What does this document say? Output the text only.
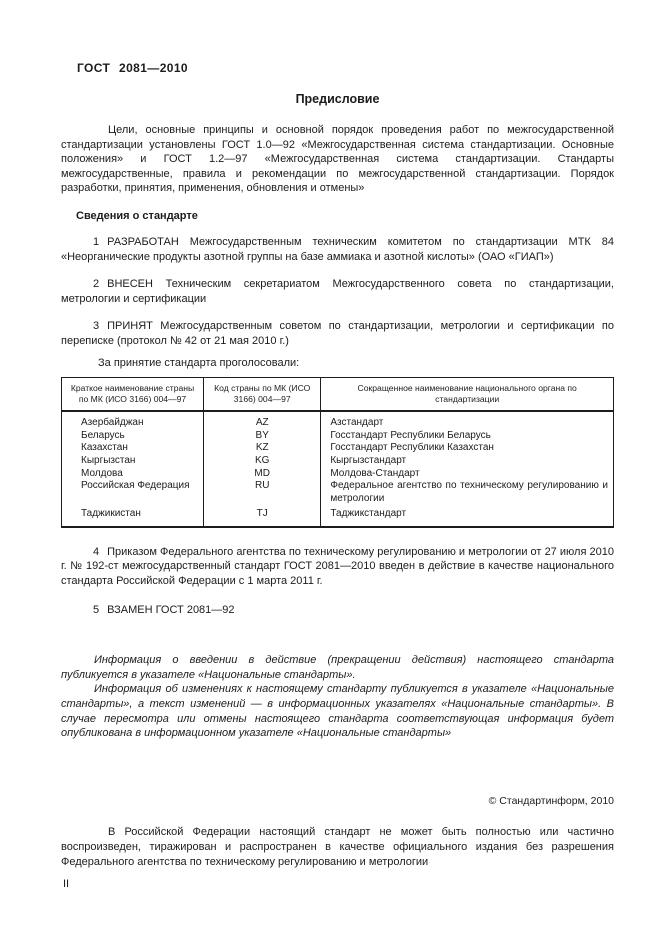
ГОСТ 2081—2010
Предисловие

Цели, основные принципы и основной порядок проведения работ по межгосударственной стандартизации установлены ГОСТ 1.0—92 «Межгосударственная система стандартизации. Основные положения» и ГОСТ 1.2—97 «Межгосударственная система стандартизации. Стандарты межгосударственные, правила и рекомендации по межгосударственной стандартизации. Порядок разработки, принятия, применения, обновления и отмены»

Сведения о стандарте

1 РАЗРАБОТАН Межгосударственным техническим комитетом по стандартизации МТК 84 «Неорганические продукты азотной группы на базе аммиака и азотной кислоты» (ОАО «ГИАП»)

2 ВНЕСЕН Техническим секретариатом Межгосударственного совета по стандартизации, метрологии и сертификации

3 ПРИНЯТ Межгосударственным советом по стандартизации, метрологии и сертификации по переписке (протокол № 42 от 21 мая 2010 г.)

За принятие стандарта проголосовали:

Краткое наименование страны по МК (ИСО 3166) 004—97	Код страны по МК (ИСО 3166) 004—97	Сокращенное наименование национального органа по стандартизации
Азербайджан	AZ	Азстандарт
Беларусь	BY	Госстандарт Республики Беларусь
Казахстан	KZ	Госстандарт Республики Казахстан
Кыргызстан	KG	Кыргызстандарт
Молдова	MD	Молдова-Стандарт
Российская Федерация	RU	Федеральное агентство по техническому регулированию и метрологии
Таджикистан	TJ	Таджикстандарт

4 Приказом Федерального агентства по техническому регулированию и метрологии от 27 июля 2010 г. № 192-ст межгосударственный стандарт ГОСТ 2081—2010 введен в действие в качестве национального стандарта Российской Федерации с 1 марта 2011 г.

5 ВЗАМЕН ГОСТ 2081—92

Информация о введении в действие (прекращении действия) настоящего стандарта публикуется в указателе «Национальные стандарты».

Информация об изменениях к настоящему стандарту публикуется в указателе «Национальные стандарты», а текст изменений — в информационных указателях «Национальные стандарты». В случае пересмотра или отмены настоящего стандарта соответствующая информация будет опубликована в информационном указателе «Национальные стандарты»

© Стандартинформ, 2010

В Российской Федерации настоящий стандарт не может быть полностью или частично воспроизведен, тиражирован и распространен в качестве официального издания без разрешения Федерального агентства по техническому регулированию и метрологии

II
